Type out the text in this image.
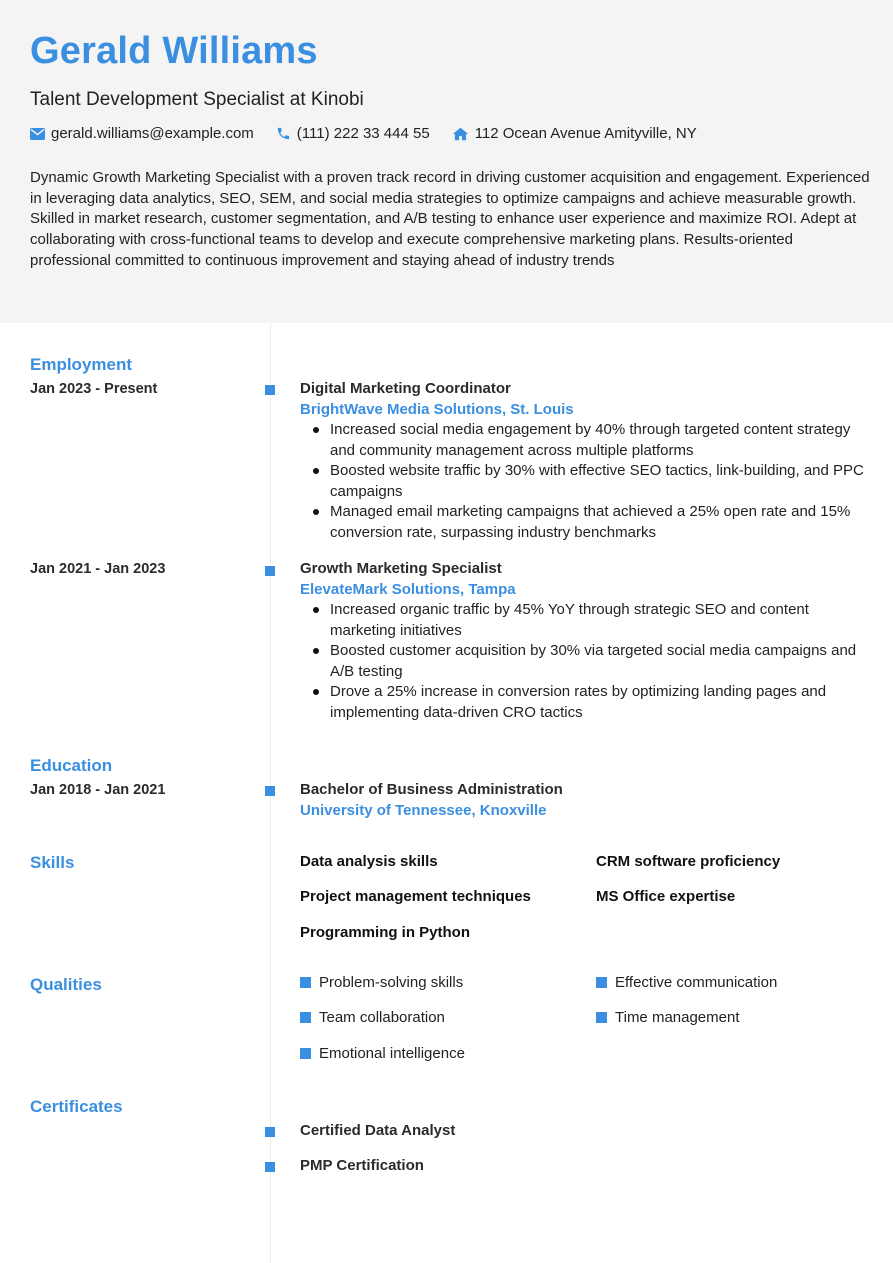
Gerald Williams
Talent Development Specialist at Kinobi
gerald.williams@example.com	(111) 222 33 444 55	112 Ocean Avenue Amityville, NY
Dynamic Growth Marketing Specialist with a proven track record in driving customer acquisition and engagement. Experienced in leveraging data analytics, SEO, SEM, and social media strategies to optimize campaigns and achieve measurable growth. Skilled in market research, customer segmentation, and A/B testing to enhance user experience and maximize ROI. Adept at collaborating with cross-functional teams to develop and execute comprehensive marketing plans. Results-oriented professional committed to continuous improvement and staying ahead of industry trends
Employment
Jan 2023 - Present	Digital Marketing Coordinator
BrightWave Media Solutions, St. Louis
Increased social media engagement by 40% through targeted content strategy and community management across multiple platforms
Boosted website traffic by 30% with effective SEO tactics, link-building, and PPC campaigns
Managed email marketing campaigns that achieved a 25% open rate and 15% conversion rate, surpassing industry benchmarks
Jan 2021 - Jan 2023	Growth Marketing Specialist
ElevateMark Solutions, Tampa
Increased organic traffic by 45% YoY through strategic SEO and content marketing initiatives
Boosted customer acquisition by 30% via targeted social media campaigns and A/B testing
Drove a 25% increase in conversion rates by optimizing landing pages and implementing data-driven CRO tactics
Education
Jan 2018 - Jan 2021	Bachelor of Business Administration
University of Tennessee, Knoxville
Skills	Data analysis skills	CRM software proficiency
Project management techniques	MS Office expertise
Programming in Python
Qualities	Problem-solving skills	Effective communication
Team collaboration	Time management
Emotional intelligence
Certificates
Certified Data Analyst
PMP Certification
